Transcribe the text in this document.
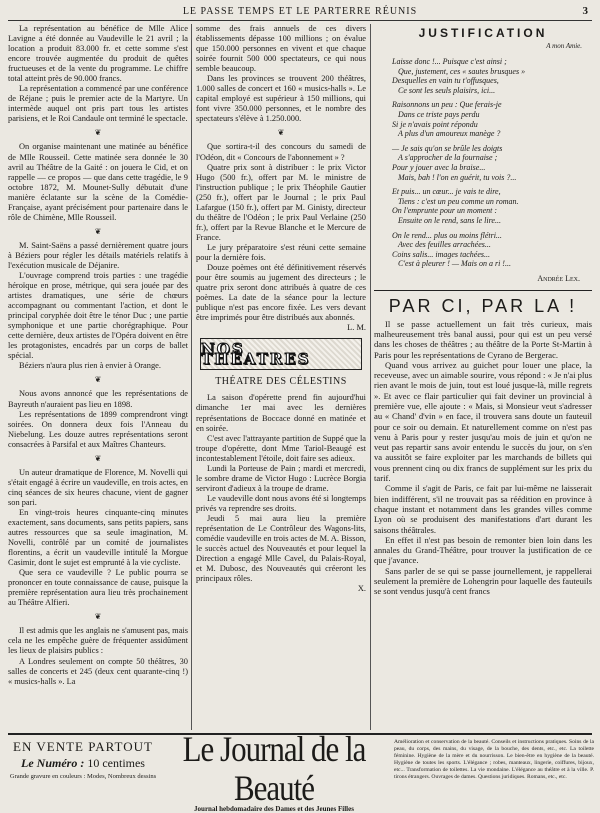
LE PASSE TEMPS ET LE PARTERRE RÉUNIS	3

La représentation au bénéfice de Mlle Alice Lavigne a été donnée au Vaudeville le 21 avril ; la location a produit 83.000 fr. et cette somme s'est encore trouvée augmentée du produit de quêtes fructueuses et de la vente du programme. Le chiffre total atteint près de 90.000 francs.

La représentation a commencé par une conférence de Réjane ; puis le premier acte de la Martyre. Un intermède auquel ont pris part tous les artistes parisiens, et le Roi Candaule ont terminé le spectacle.

❦

On organise maintenant une matinée au bénéfice de Mlle Rousseil. Cette matinée sera donnée le 30 avril au Théâtre de la Gaité : on jouera le Cid, et on rappelle — ce propos — que dans cette tragédie, le 9 octobre 1872, M. Mounet-Sully débutait d'une manière éclatante sur la scène de la Comédie-Française, ayant précisément pour partenaire dans le rôle de Chimène, Mlle Rousseil.

❦

M. Saint-Saëns a passé dernièrement quatre jours à Béziers pour régler les détails matériels relatifs à l'exécution musicale de Déjanire.

L'ouvrage comprend trois parties : une tragédie héroïque en prose, métrique, qui sera jouée par des artistes dramatiques, une série de chœurs accompagnant ou commentant l'action, et dont le principal coryphée doit être le ténor Duc ; une partie symphonique et une partie chorégraphique. Pour cette dernière, deux artistes de l'Opéra doivent en être les protagonistes, encadrés par un corps de ballet spécial.

Béziers n'aura plus rien à envier à Orange.

❦

Nous avons annoncé que les représentations de Bayreuth n'auraient pas lieu en 1898.

Les représentations de 1899 comprendront vingt soirées. On donnera deux fois l'Anneau du Niebelung. Les douze autres représentations seront consacrées à Parsifal et aux Maîtres Chanteurs.

❦

Un auteur dramatique de Florence, M. Novelli qui s'était engagé à écrire un vaudeville, en trois actes, en cinq séances de six heures chacune, vient de gagner son pari.

En vingt-trois heures cinquante-cinq minutes exactement, sans documents, sans petits papiers, sans autres ressources que sa seule imagination, M. Novelli, contrôlé par un comité de journalistes florentins, a écrit un vaudeville intitulé la Morgue Casimir, dont le sujet est emprunté à la vie cycliste.

Que sera ce vaudeville ? Le public pourra se prononcer en toute connaissance de cause, puisque la première représentation aura lieu très prochainement au Théâtre Alfieri.

❦

Il est admis que les anglais ne s'amusent pas, mais cela ne les empêche guère de fréquenter assidûment les lieux de plaisirs publics :

A Londres seulement on compte 50 théâtres, 30 salles de concerts et 245 (deux cent quarante-cinq !) « musics-halls ». La

somme des frais annuels de ces divers établissements dépasse 100 millions ; on évalue que 150.000 personnes en vivent et que chaque soirée fournit 500 000 spectateurs, ce qui nous semble beaucoup.

Dans les provinces se trouvent 200 théâtres, 1.000 salles de concert et 160 « musics-halls ». Le capital employé est supérieur à 150 millions, qui font vivre 350.000 personnes, et le nombre des spectateurs s'élève à 1.250.000.

❦

Que sortira-t-il des concours du samedi de l'Odéon, dit « Concours de l'abonnement » ?

Quatre prix sont à distribuer : le prix Victor Hugo (500 fr.), offert par M. le ministre de l'instruction publique ; le prix Théophile Gautier (250 fr.), offert par le Journal ; le prix Paul Lafargue (150 fr.), offert par M. Ginisty, directeur du théâtre de l'Odéon ; le prix Paul Verlaine (250 fr.), offert par la Revue Blanche et le Mercure de France.

Le jury préparatoire s'est réuni cette semaine pour la dernière fois.

Douze poèmes ont été définitivement réservés pour être soumis au jugement des directeurs ; le quatre prix seront donc attribués à quatre de ces poèmes. La date de la séance pour la lecture publique n'est pas encore fixée. Les vers devant être imprimés pour être distribués aux abonnés.

L. M.

NOS THÉATRES
THÉATRE DES CÉLESTINS

La saison d'opérette prend fin aujourd'hui dimanche 1er mai avec les dernières représentations de Boccace donné en matinée et en soirée.

C'est avec l'attrayante partition de Suppé que la troupe d'opérette, dont Mme Tariol-Beaugé est incontestablement l'étoile, doit faire ses adieux.

Lundi la Porteuse de Pain ; mardi et mercredi, le sombre drame de Victor Hugo : Lucrèce Borgia serviront d'adieux à la troupe de drame.

Le vaudeville dont nous avons été si longtemps privés va reprendre ses droits.

Jeudi 5 mai aura lieu la première représentation de Le Contrôleur des Wagons-lits, comédie vaudeville en trois actes de M. A. Bisson, le succès actuel des Nouveautés et pour lequel la Direction a engagé Mlle Cavel, du Palais-Royal, et M. Dubosc, des Nouveautés qui créeront les principaux rôles.

X.

JUSTIFICATION
A mon Amie.
Laisse donc !... Puisque c'est ainsi ;
Que, justement, ces « sautes brusques »
Desquelles en vain tu t'offusques,
Ce sont les seuls plaisirs, ici...
Raisonnons un peu : Que ferais-je
Dans ce triste pays perdu
Si je n'avais point répondu
A plus d'un amoureux manège ?
— Je sais qu'on se brûle les doigts
A s'approcher de la fournaise ;
Pour y jouer avec la braise...
Mais, bah ! l'on en guérit, tu vois ?...
Et puis... un cœur... je vais te dire,
Tiens : c'est un peu comme un roman.
On l'emprunte pour un moment :
Ensuite on le rend, sans le lire...
On le rend... plus ou moins flétri...
Avec des feuilles arrachées...
Coins salis... images tachées...
C'est à pleurer ! — Mais on a ri !...
Andrée Lex.
PAR CI, PAR LA !

Il se passe actuellement un fait très curieux, mais malheureusement très banal aussi, pour qui est un peu versé dans les choses de théâtres ; au théâtre de la Porte St-Martin à Paris pour les représentations de Cyrano de Bergerac.

Quand vous arrivez au guichet pour louer une place, la receveuse, avec un aimable sourire, vous répond : « Je n'ai plus rien avant le mois de juin, tout est loué jusque-là, mille regrets ». Et avec ce flair particulier qui fait deviner un provincial à première vue, elle ajoute : « Mais, si Monsieur veut s'adresser au « Chand' d'vin » en face, il trouvera sans doute un fauteuil pour ce soir ou demain. Et naturellement comme on n'est pas venu à Paris pour y rester jusqu'au mois de juin et qu'on ne veut pas repartir sans avoir entendu le succès du jour, on s'en va aussitôt se faire exploiter par les marchands de billets qui vous prennent cinq ou dix francs de supplément sur les prix du tarif.

Comme il s'agit de Paris, ce fait par lui-même ne laisserait bien indifférent, s'il ne trouvait pas sa réédition en province à chaque instant et notamment dans les grandes villes comme Lyon où se produisent des manifestations d'art durant les saisons théâtrales.

En effet il n'est pas besoin de remonter bien loin dans les annales du Grand-Théâtre, pour trouver la justification de ce que j'avance.

Sans parler de se qui se passe journellement, je rappellerai seulement la première de Lohengrin pour laquelle des fauteuils se sont vendus jusqu'à cent francs

EN VENTE PARTOUT
Le Numéro : 10 centimes
Grande gravure en couleurs : Modes, Nombreux dessins
Le Journal de la Beauté
Journal hebdomadaire des Dames et des Jeunes Filles
Amélioration et conservation de la beauté. Conseils et instructions pratiques. Soins de la peau, du corps, des mains, du visage, de la bouche, des dents, etc., etc. La toilette féminine. Hygiène de la mère et du nourrisson. Le bien-être en hygiène de la beauté. Hygiène de toutes les sports. L'élégance ; robes, manteaux, lingerie, coiffures, bijoux, etc... Transformation de toilettes. La vie mondaine. L'élégance au théâtre et à la ville. P. tirons étrangers. Ouvrages de dames. Questions juridiques. Romans, etc., etc.
